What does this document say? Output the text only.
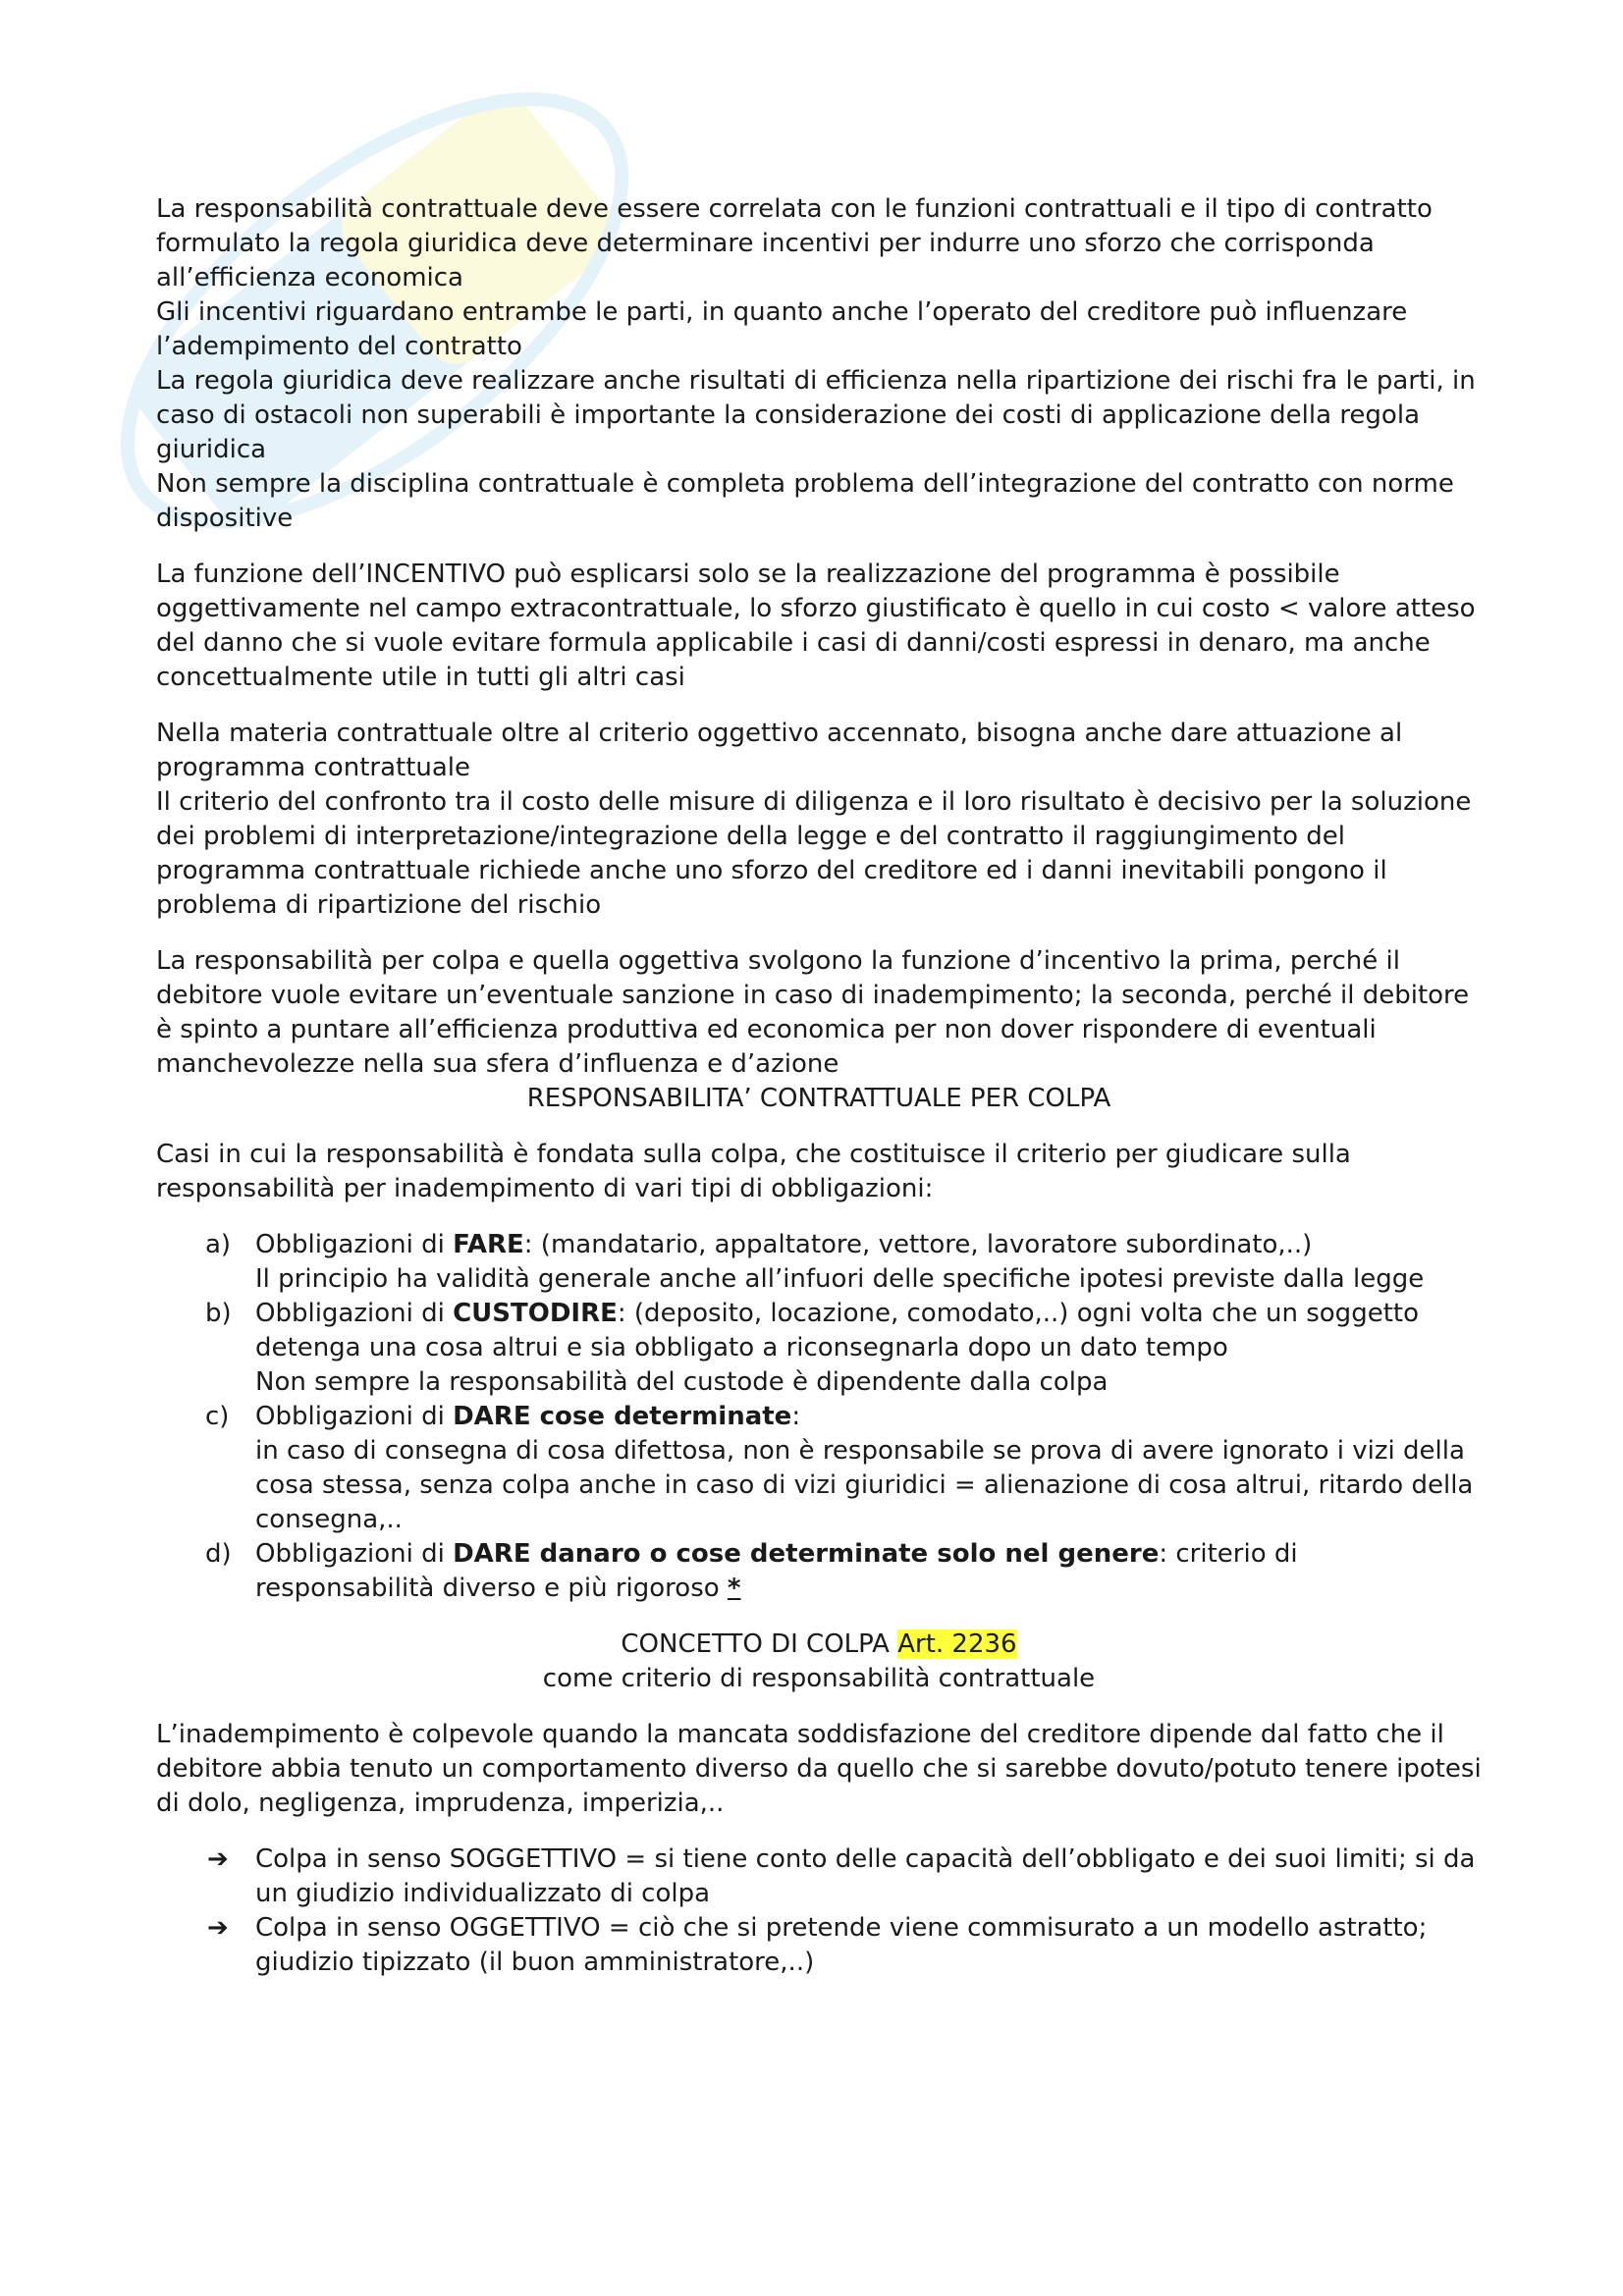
La responsabilità contrattuale deve essere correlata con le funzioni contrattuali e il tipo di contratto formulato la regola giuridica deve determinare incentivi per indurre uno sforzo che corrisponda all’efficienza economica

Gli incentivi riguardano entrambe le parti, in quanto anche l’operato del creditore può influenzare l’adempimento del contratto

La regola giuridica deve realizzare anche risultati di efficienza nella ripartizione dei rischi fra le parti, in caso di ostacoli non superabili è importante la considerazione dei costi di applicazione della regola giuridica

Non sempre la disciplina contrattuale è completa problema dell’integrazione del contratto con norme dispositive

La funzione dell’INCENTIVO può esplicarsi solo se la realizzazione del programma è possibile oggettivamente nel campo extracontrattuale, lo sforzo giustificato è quello in cui costo < valore atteso del danno che si vuole evitare formula applicabile i casi di danni/costi espressi in denaro, ma anche concettualmente utile in tutti gli altri casi

Nella materia contrattuale oltre al criterio oggettivo accennato, bisogna anche dare attuazione al programma contrattuale

Il criterio del confronto tra il costo delle misure di diligenza e il loro risultato è decisivo per la soluzione dei problemi di interpretazione/integrazione della legge e del contratto il raggiungimento del programma contrattuale richiede anche uno sforzo del creditore ed i danni inevitabili pongono il problema di ripartizione del rischio

La responsabilità per colpa e quella oggettiva svolgono la funzione d’incentivo la prima, perché il debitore vuole evitare un’eventuale sanzione in caso di inadempimento; la seconda, perché il debitore è spinto a puntare all’efficienza produttiva ed economica per non dover rispondere di eventuali manchevolezze nella sua sfera d’influenza e d’azione

RESPONSABILITA’ CONTRATTUALE PER COLPA

Casi in cui la responsabilità è fondata sulla colpa, che costituisce il criterio per giudicare sulla responsabilità per inadempimento di vari tipi di obbligazioni:

a) Obbligazioni di FARE: (mandatario, appaltatore, vettore, lavoratore subordinato,..)
Il principio ha validità generale anche all’infuori delle specifiche ipotesi previste dalla legge
b) Obbligazioni di CUSTODIRE: (deposito, locazione, comodato,..) ogni volta che un soggetto detenga una cosa altrui e sia obbligato a riconsegnarla dopo un dato tempo
Non sempre la responsabilità del custode è dipendente dalla colpa
c) Obbligazioni di DARE cose determinate:
in caso di consegna di cosa difettosa, non è responsabile se prova di avere ignorato i vizi della cosa stessa, senza colpa anche in caso di vizi giuridici = alienazione di cosa altrui, ritardo della consegna,..
d) Obbligazioni di DARE danaro o cose determinate solo nel genere: criterio di responsabilità diverso e più rigoroso *

CONCETTO DI COLPA Art. 2236

come criterio di responsabilità contrattuale

L’inadempimento è colpevole quando la mancata soddisfazione del creditore dipende dal fatto che il debitore abbia tenuto un comportamento diverso da quello che si sarebbe dovuto/potuto tenere ipotesi di dolo, negligenza, imprudenza, imperizia,..

➔ Colpa in senso SOGGETTIVO = si tiene conto delle capacità dell’obbligato e dei suoi limiti; si da un giudizio individualizzato di colpa
➔ Colpa in senso OGGETTIVO = ciò che si pretende viene commisurato a un modello astratto; giudizio tipizzato (il buon amministratore,..)
